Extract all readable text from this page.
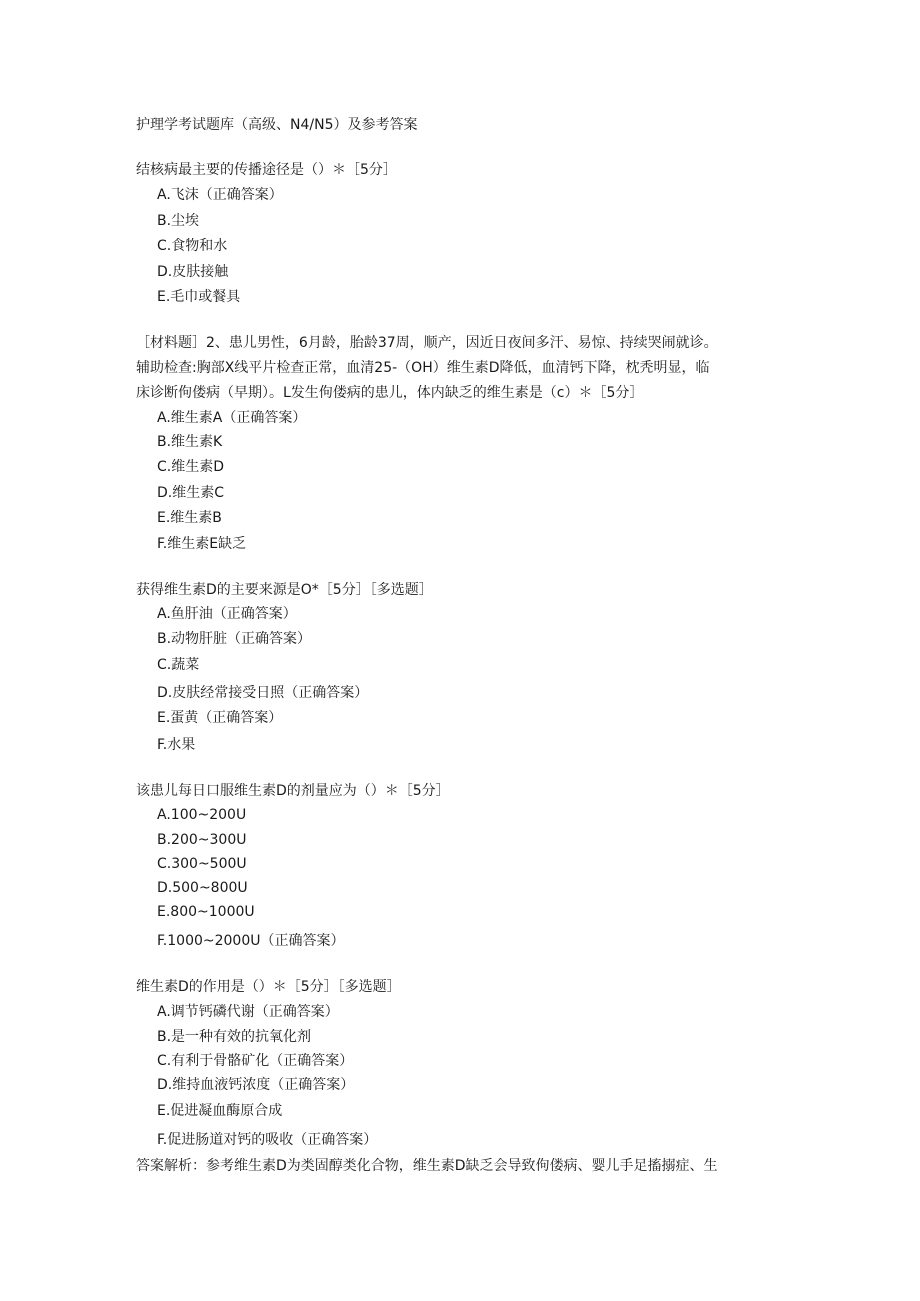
护理学考试题库（高级、N4/N5）及参考答案
结核病最主要的传播途径是（）＊［5分］
A.飞沫（正确答案）
B.尘埃
C.食物和水
D.皮肤接触
E.毛巾或餐具
［材料题］2、患儿男性，6月龄，胎龄37周，顺产，因近日夜间多汗、易惊、持续哭闹就诊。
辅助检查:胸部X线平片检查正常，血清25-（OH）维生素D降低，血清钙下降，枕秃明显，临
床诊断佝偻病（早期）。L发生佝偻病的患儿，体内缺乏的维生素是（c）＊［5分］
A.维生素A（正确答案）
B.维生素K
C.维生素D
D.维生素C
E.维生素B
F.维生素E缺乏
获得维生素D的主要来源是O*［5分］［多选题］
A.鱼肝油（正确答案）
B.动物肝脏（正确答案）
C.蔬菜
D.皮肤经常接受日照（正确答案）
E.蛋黄（正确答案）
F.水果
该患儿每日口服维生素D的剂量应为（）＊［5分］
A.100~200U
B.200~300U
C.300~500U
D.500~800U
E.800~1000U
F.1000~2000U（正确答案）
维生素D的作用是（）＊［5分］［多选题］
A.调节钙磷代谢（正确答案）
B.是一种有效的抗氧化剂
C.有利于骨骼矿化（正确答案）
D.维持血液钙浓度（正确答案）
E.促进凝血酶原合成
F.促进肠道对钙的吸收（正确答案）
答案解析：参考维生素D为类固醇类化合物，维生素D缺乏会导致佝偻病、婴儿手足搐搦症、生
